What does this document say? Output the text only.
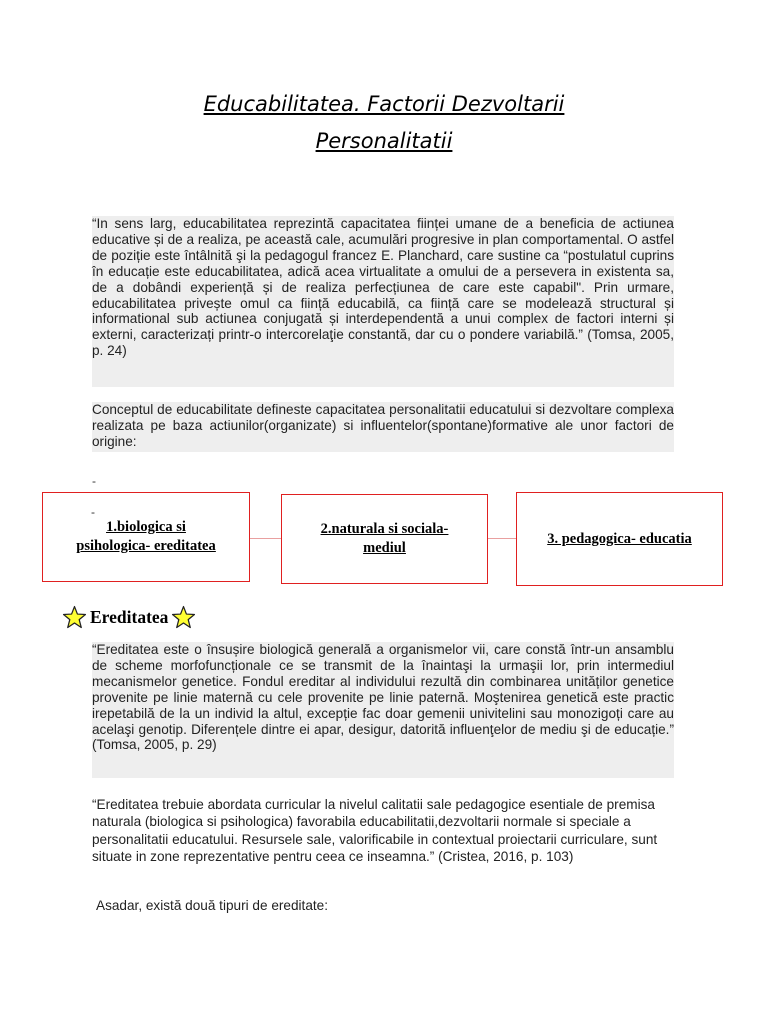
Educabilitatea. Factorii Dezvoltarii
Personalitatii
“In sens larg, educabilitatea reprezintă capacitatea ființei umane de a beneficia de actiunea educative și de a realiza, pe această cale, acumulări progresive in plan comportamental. O astfel de poziție este întâlnită şi la pedagogul francez E. Planchard, care sustine ca “postulatul cuprins în educație este educabilitatea, adică acea virtualitate a omului de a persevera in existenta sa, de a dobândi experiență și de realiza perfecțiunea de care este capabil". Prin urmare, educabilitatea privește omul ca ființă educabilă, ca ființă care se modelează structural și informational sub actiunea conjugată și interdependentă a unui complex de factori interni și externi, caracterizați printr-o intercorelaţie constantă, dar cu o pondere variabilă.” (Tomsa, 2005, p. 24)
Conceptul de educabilitate defineste capacitatea personalitatii educatului si dezvoltare complexa realizata pe baza actiunilor(organizate) si influentelor(spontane)formative ale unor factori de origine:
-
1.biologica si
psihologica- ereditatea
-
2.naturala si sociala-
mediul
3. pedagogica- educatia
Ereditatea
“Ereditatea este o însușire biologică generală a organismelor vii, care constă într-un ansamblu de scheme morfofuncționale ce se transmit de la înaintaşi la urmaşii lor, prin intermediul mecanismelor genetice. Fondul ereditar al individului rezultă din combinarea unităților genetice provenite pe linie maternă cu cele provenite pe linie paternă. Moştenirea genetică este practic irepetabilă de la un individ la altul, excepție fac doar gemenii univitelini sau monozigoți care au acelaşi genotip. Diferențele dintre ei apar, desigur, datorită influenţelor de mediu şi de educație.” (Tomsa, 2005, p. 29)
“Ereditatea trebuie abordata curricular la nivelul calitatii sale pedagogice esentiale de premisa naturala (biologica si psihologica) favorabila educabilitatii,dezvoltarii normale si speciale a personalitatii educatului. Resursele sale, valorificabile in contextual proiectarii curriculare, sunt situate in zone reprezentative pentru ceea ce inseamna.” (Cristea, 2016, p. 103)
Asadar, există două tipuri de ereditate:
